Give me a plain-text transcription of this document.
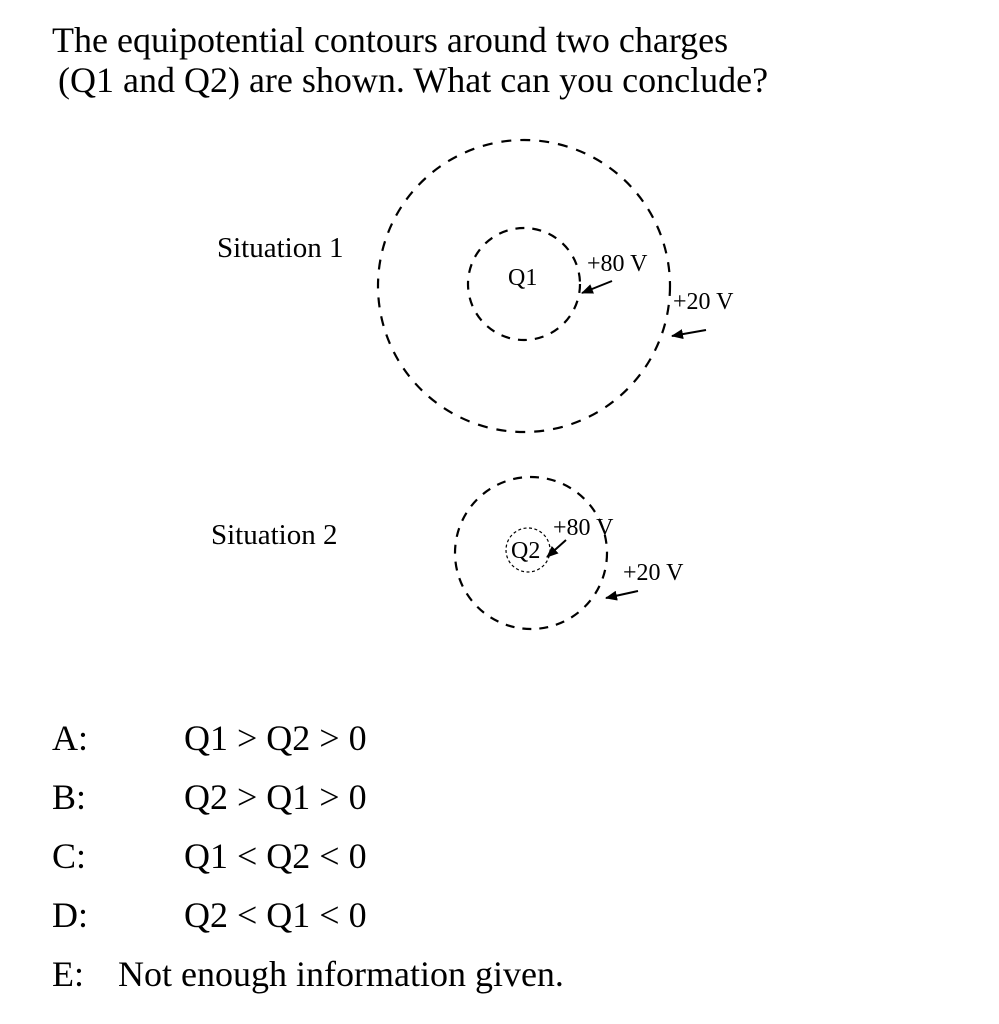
The equipotential contours around two charges
(Q1 and Q2) are shown. What can you conclude?
Situation 1
Q1
+80 V
+20 V
Situation 2	Q2
+80 V
+20 V
A:	Q1 > Q2 > 0
B:	Q2 > Q1 > 0
C:	Q1 < Q2 < 0
D:	Q2 < Q1 < 0
E: Not enough information given.
